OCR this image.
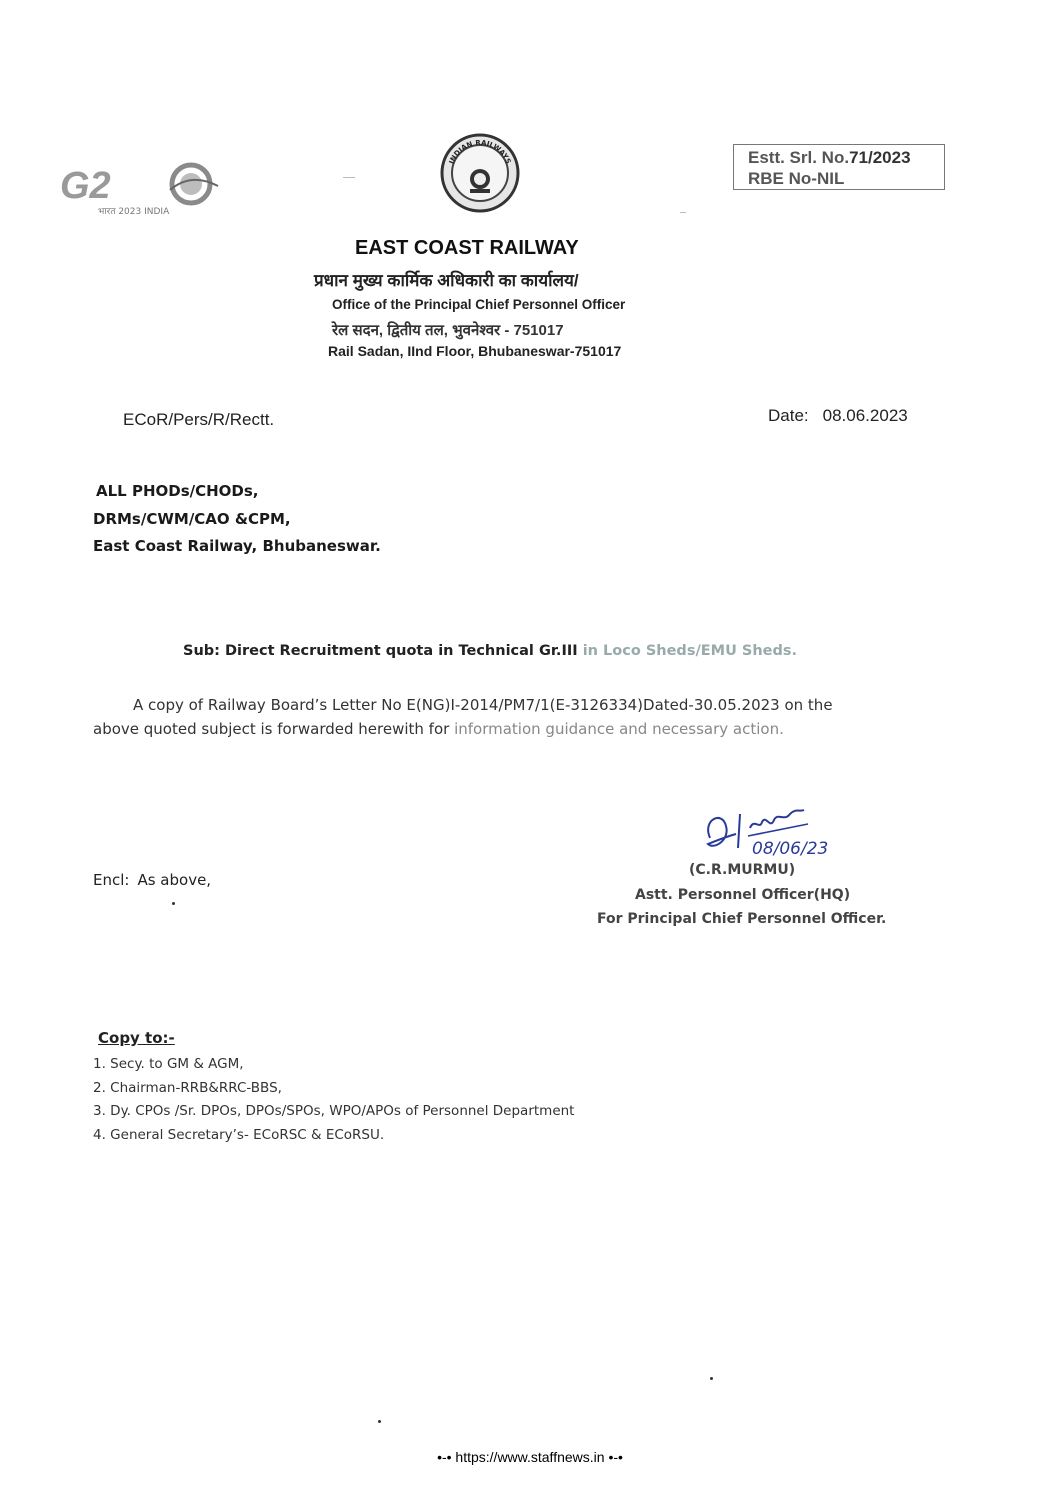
G2
भारत 2023 INDIA
INDIAN RAILWAYS	Estt. Srl. No.71/2023
RBE No-NIL
EAST COAST RAILWAY
प्रधान मुख्य कार्मिक अधिकारी का कार्यालय/
Office of the Principal Chief Personnel Officer
रेल सदन, द्वितीय तल, भुवनेश्वर - 751017
Rail Sadan, IInd Floor, Bhubaneswar-751017
ECoR/Pers/R/Rectt.	Date: 08.06.2023
ALL PHODs/CHODs,
DRMs/CWM/CAO &CPM,
East Coast Railway, Bhubaneswar.
Sub: Direct Recruitment quota in Technical Gr.III in Loco Sheds/EMU Sheds.
A copy of Railway Board’s Letter No E(NG)I-2014/PM7/1(E-3126334)Dated-30.05.2023 on the
above quoted subject is forwarded herewith for information guidance and necessary action.
08/06/23
(C.R.MURMU)
Astt. Personnel Officer(HQ)
For Principal Chief Personnel Officer.
Encl: As above,
Copy to:-
1. Secy. to GM & AGM,
2. Chairman-RRB&RRC-BBS,
3. Dy. CPOs /Sr. DPOs, DPOs/SPOs, WPO/APOs of Personnel Department
4. General Secretary’s- ECoRSC & ECoRSU.
•-• https://www.staffnews.in •-•
